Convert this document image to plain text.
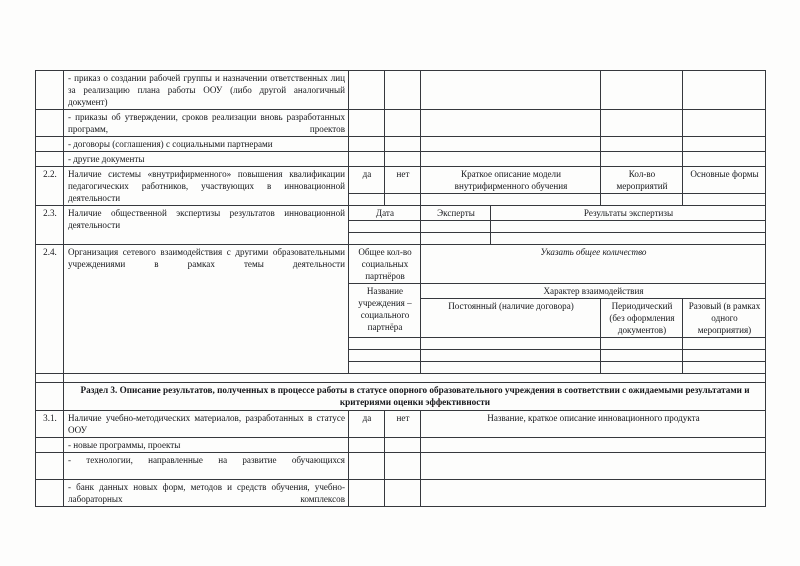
	- приказ о создании рабочей группы и назначении ответственных лиц за реализацию плана работы ООУ (либо другой аналогичный документ)						
	- приказы об утверждении, сроков реализации вновь разработанных программ, проектов						
	- договоры (соглашения) с социальными партнерами						
	- другие документы						
2.2.	Наличие системы «внутрифирменного» повышения квалификации педагогических работников, участвующих в инновационной деятельности	да	нет	Краткое описание модели внутрифирменного обучения		Кол-во мероприятий	Основные формы

2.3.	Наличие общественной экспертизы результатов инновационной деятельности	Дата		Эксперты	Результаты экспертизы		

2.4.	Организация сетевого взаимодействия с другими образовательными учреждениями в рамках темы деятельности	Общее кол-во социальных партнёров		Указать общее количество			
		Название учреждения – социального партнёра		Характер взаимодействия			
				Постоянный (наличие договора)		Периодический (без оформления документов)	Разовый (в рамках одного мероприятия)

	Раздел 3. Описание результатов, полученных в процессе работы в статусе опорного образовательного учреждения в соответствии с ожидаемыми результатами и критериями оценки эффективности						
3.1.	Наличие учебно-методических материалов, разработанных в статусе ООУ	да	нет	Название, краткое описание инновационного продукта			
	- новые программы, проекты						
	- технологии, направленные на развитие обучающихся						
	- банк данных новых форм, методов и средств обучения, учебно-лабораторных комплексов						
